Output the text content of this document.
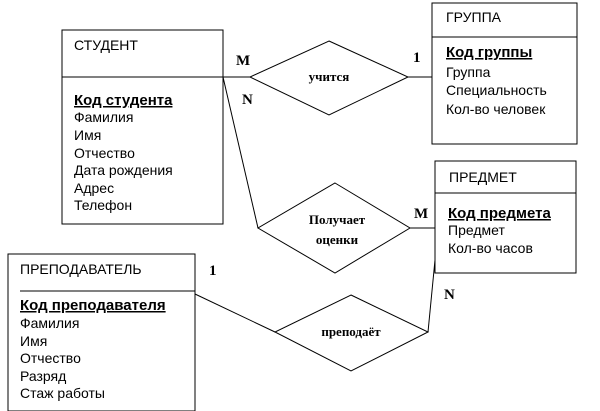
СТУДЕНТ
Код студента
Фамилия
Имя
Отчество
Дата рождения
Адрес
Телефон
ГРУППА
Код группы
Группа
Специальность
Кол-во человек
ПРЕДМЕТ
Код предмета
Предмет
Кол-во часов
ПРЕПОДАВАТЕЛЬ
Код преподавателя
Фамилия
Имя
Отчество
Разряд
Стаж работы
учится
Получает
оценки
преподаёт
M	1
N
M
1
N
